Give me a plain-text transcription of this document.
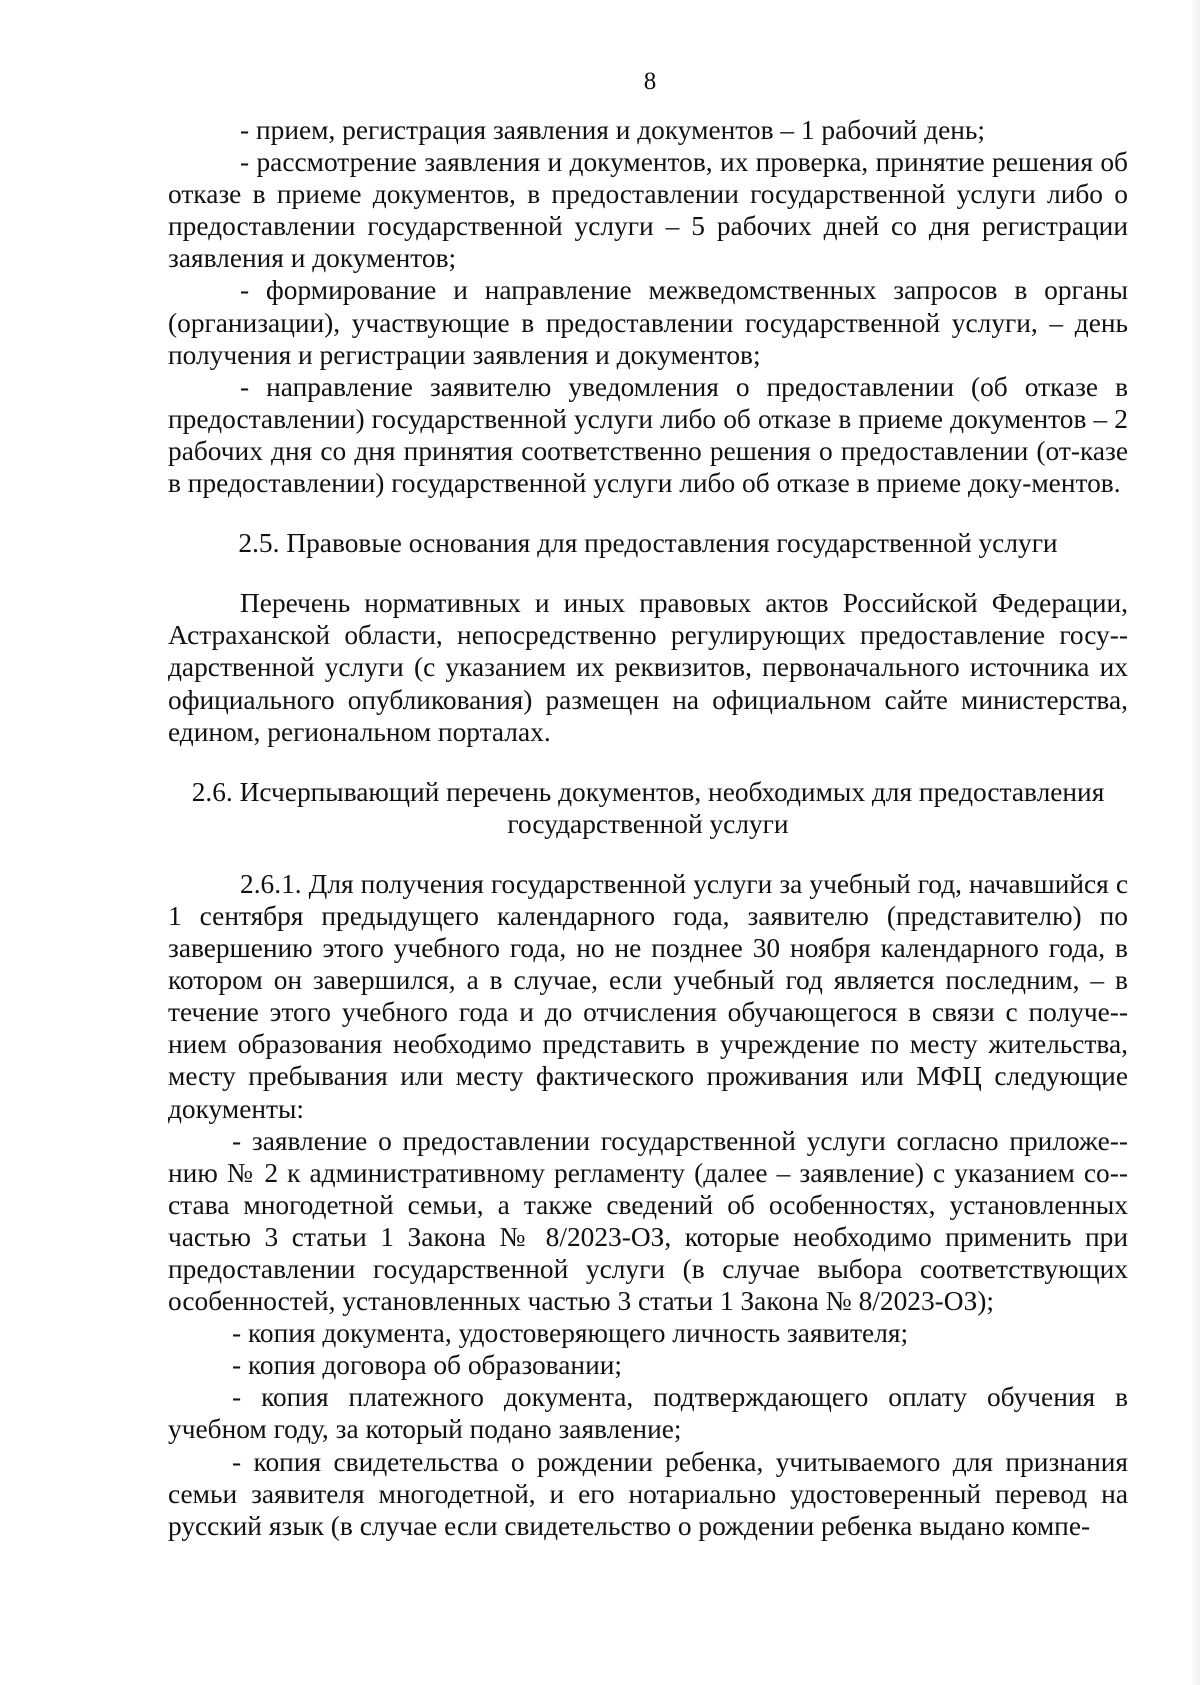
8

- прием, регистрация заявления и документов – 1 рабочий день;

- рассмотрение заявления и документов, их проверка, принятие решения об отказе в приеме документов, в предоставлении государственной услуги либо о предоставлении государственной услуги – 5 рабочих дней со дня регистрации заявления и документов;

- формирование и направление межведомственных запросов в органы (организации), участвующие в предоставлении государственной услуги, – день получения и регистрации заявления и документов;

- направление заявителю уведомления о предоставлении (об отказе в предоставлении) государственной услуги либо об отказе в приеме документов – 2 рабочих дня со дня принятия соответственно решения о предоставлении (от-казе в предоставлении) государственной услуги либо об отказе в приеме доку-ментов.

2.5. Правовые основания для предоставления государственной услуги

Перечень нормативных и иных правовых актов Российской Федерации, Астраханской области, непосредственно регулирующих предоставление госу-дарственной услуги (с указанием их реквизитов, первоначального источника их официального опубликования) размещен на официальном сайте министерства, едином, региональном порталах.

2.6. Исчерпывающий перечень документов, необходимых для предоставления государственной услуги

2.6.1. Для получения государственной услуги за учебный год, начавшийся с 1 сентября предыдущего календарного года, заявителю (представителю) по завершению этого учебного года, но не позднее 30 ноября календарного года, в котором он завершился, а в случае, если учебный год является последним, – в течение этого учебного года и до отчисления обучающегося в связи с получе-нием образования необходимо представить в учреждение по месту жительства, месту пребывания или месту фактического проживания или МФЦ следующие документы:

- заявление о предоставлении государственной услуги согласно приложе-нию № 2 к административному регламенту (далее – заявление) с указанием со-става многодетной семьи, а также сведений об особенностях, установленных частью 3 статьи 1 Закона № 8/2023-ОЗ, которые необходимо применить при предоставлении государственной услуги (в случае выбора соответствующих особенностей, установленных частью 3 статьи 1 Закона № 8/2023-ОЗ);

- копия документа, удостоверяющего личность заявителя;

- копия договора об образовании;

- копия платежного документа, подтверждающего оплату обучения в учебном году, за который подано заявление;

- копия свидетельства о рождении ребенка, учитываемого для признания семьи заявителя многодетной, и его нотариально удостоверенный перевод на русский язык (в случае если свидетельство о рождении ребенка выдано компе-
